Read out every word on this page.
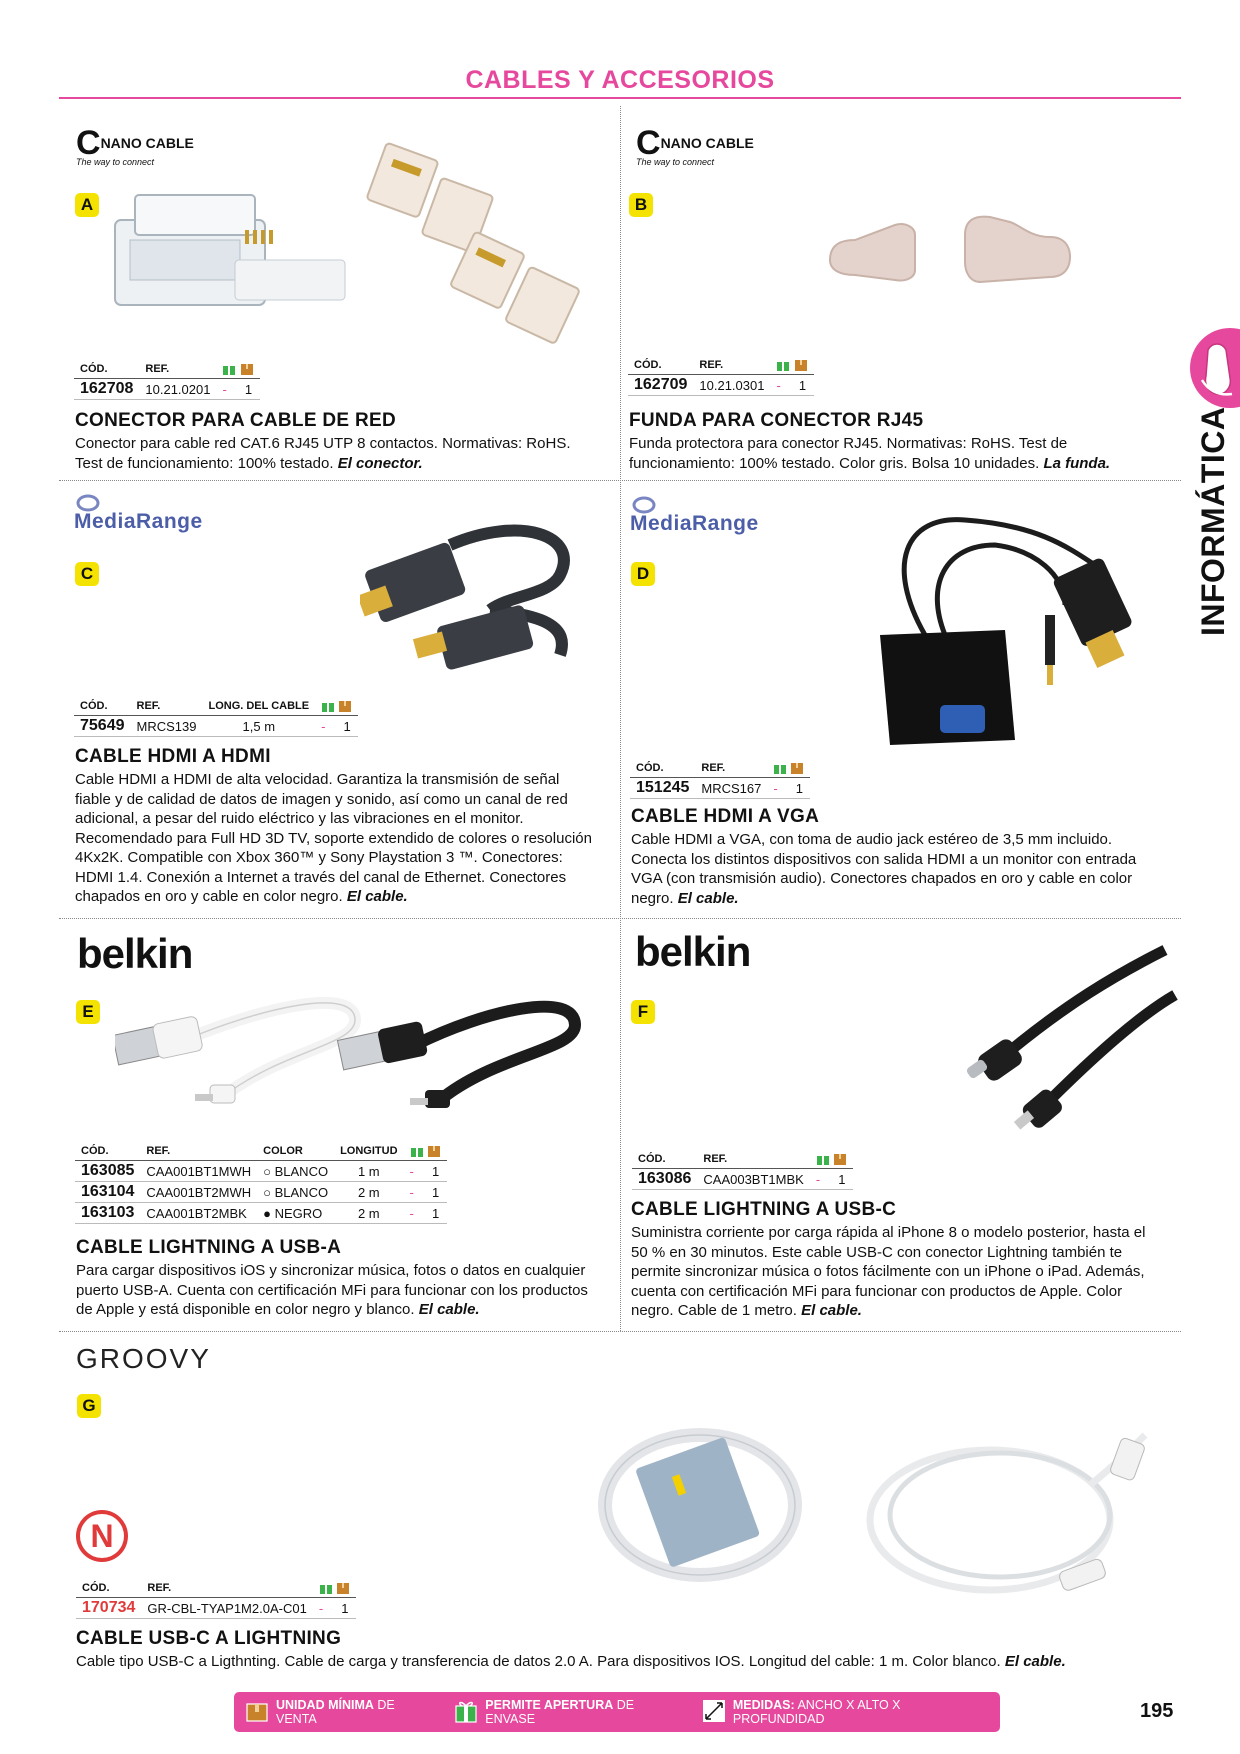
CABLES Y ACCESORIOS
INFORMÁTICA
C NANO CABLE
The way to connect
A
CÓD.	REF.	
162708	10.21.0201	- 1
CONECTOR PARA CABLE DE RED
Conector para cable red CAT.6 RJ45 UTP 8 contactos. Normativas: RoHS. Test de funcionamiento: 100% testado. El conector.
C NANO CABLE
The way to connect
B
CÓD.	REF.	
162709	10.21.0301	- 1
FUNDA PARA CONECTOR RJ45
Funda protectora para conector RJ45. Normativas: RoHS. Test de funcionamiento: 100% testado. Color gris. Bolsa 10 unidades. La funda.
MediaRange
C
CÓD.	REF.	LONG. DEL CABLE	
75649	MRCS139	1,5 m	- 1
CABLE HDMI A HDMI
Cable HDMI a HDMI de alta velocidad. Garantiza la transmisión de señal fiable y de calidad de datos de imagen y sonido, así como un canal de red adicional, a pesar del ruido eléctrico y las vibraciones en el monitor. Recomendado para Full HD 3D TV, soporte extendido de colores o resolución 4Kx2K. Compatible con Xbox 360™ y Sony Playstation 3 ™. Conectores: HDMI 1.4. Conexión a Internet a través del canal de Ethernet. Conectores chapados en oro y cable en color negro. El cable.
MediaRange
D
CÓD.	REF.	
151245	MRCS167	- 1
CABLE HDMI A VGA
Cable HDMI a VGA, con toma de audio jack estéreo de 3,5 mm incluido. Conecta los distintos dispositivos con salida HDMI a un monitor con entrada VGA (con transmisión audio). Conectores chapados en oro y cable en color negro. El cable.
belkin
E
CÓD.	REF.	COLOR	LONGITUD	
163085	CAA001BT1MWH	○ BLANCO	1 m	- 1
163104	CAA001BT2MWH	○ BLANCO	2 m	- 1
163103	CAA001BT2MBK	● NEGRO	2 m	- 1
CABLE LIGHTNING A USB-A
Para cargar dispositivos iOS y sincronizar música, fotos o datos en cualquier puerto USB-A. Cuenta con certificación MFi para funcionar con los productos de Apple y está disponible en color negro y blanco. El cable.
belkin
F
CÓD.	REF.	
163086	CAA003BT1MBK	- 1
CABLE LIGHTNING A USB-C
Suministra corriente por carga rápida al iPhone 8 o modelo posterior, hasta el 50 % en 30 minutos. Este cable USB-C con conector Lightning también te permite sincronizar música o fotos fácilmente con un iPhone o iPad. Además, cuenta con certificación MFi para funcionar con productos de Apple. Color negro. Cable de 1 metro. El cable.
GROOVY
G
N
CÓD.	REF.	
170734	GR-CBL-TYAP1M2.0A-C01	- 1
CABLE USB-C A LIGHTNING
Cable tipo USB-C a Ligthnting. Cable de carga y transferencia de datos 2.0 A. Para dispositivos IOS. Longitud del cable: 1 m. Color blanco. El cable.
UNIDAD MÍNIMA DE VENTA
PERMITE APERTURA DE ENVASE
MEDIDAS: ANCHO X ALTO X PROFUNDIDAD	195
